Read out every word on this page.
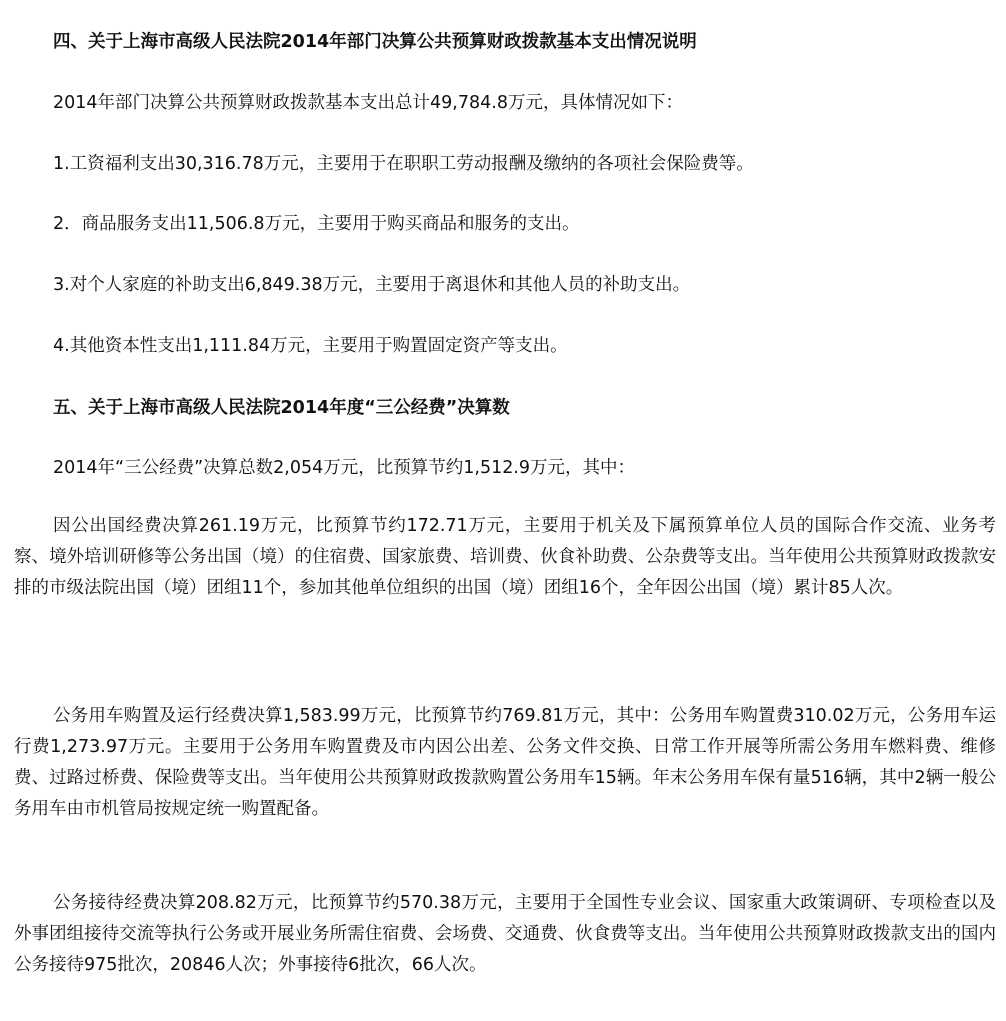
四、关于上海市高级人民法院2014年部门决算公共预算财政拨款基本支出情况说明
2014年部门决算公共预算财政拨款基本支出总计49,784.8万元，具体情况如下：
1.工资福利支出30,316.78万元，主要用于在职职工劳动报酬及缴纳的各项社会保险费等。
2．商品服务支出11,506.8万元，主要用于购买商品和服务的支出。
3.对个人家庭的补助支出6,849.38万元，主要用于离退休和其他人员的补助支出。
4.其他资本性支出1,111.84万元，主要用于购置固定资产等支出。
五、关于上海市高级人民法院2014年度“三公经费”决算数
2014年“三公经费”决算总数2,054万元，比预算节约1,512.9万元，其中：

因公出国经费决算261.19万元，比预算节约172.71万元，主要用于机关及下属预算单位人员的国际合作交流、业务考察、境外培训研修等公务出国（境）的住宿费、国家旅费、培训费、伙食补助费、公杂费等支出。当年使用公共预算财政拨款安排的市级法院出国（境）团组11个，参加其他单位组织的出国（境）团组16个，全年因公出国（境）累计85人次。

公务用车购置及运行经费决算1,583.99万元，比预算节约769.81万元，其中：公务用车购置费310.02万元，公务用车运行费1,273.97万元。主要用于公务用车购置费及市内因公出差、公务文件交换、日常工作开展等所需公务用车燃料费、维修费、过路过桥费、保险费等支出。当年使用公共预算财政拨款购置公务用车15辆。年末公务用车保有量516辆，其中2辆一般公务用车由市机管局按规定统一购置配备。

公务接待经费决算208.82万元，比预算节约570.38万元，主要用于全国性专业会议、国家重大政策调研、专项检查以及外事团组接待交流等执行公务或开展业务所需住宿费、会场费、交通费、伙食费等支出。当年使用公共预算财政拨款支出的国内公务接待975批次，20846人次；外事接待6批次，66人次。
